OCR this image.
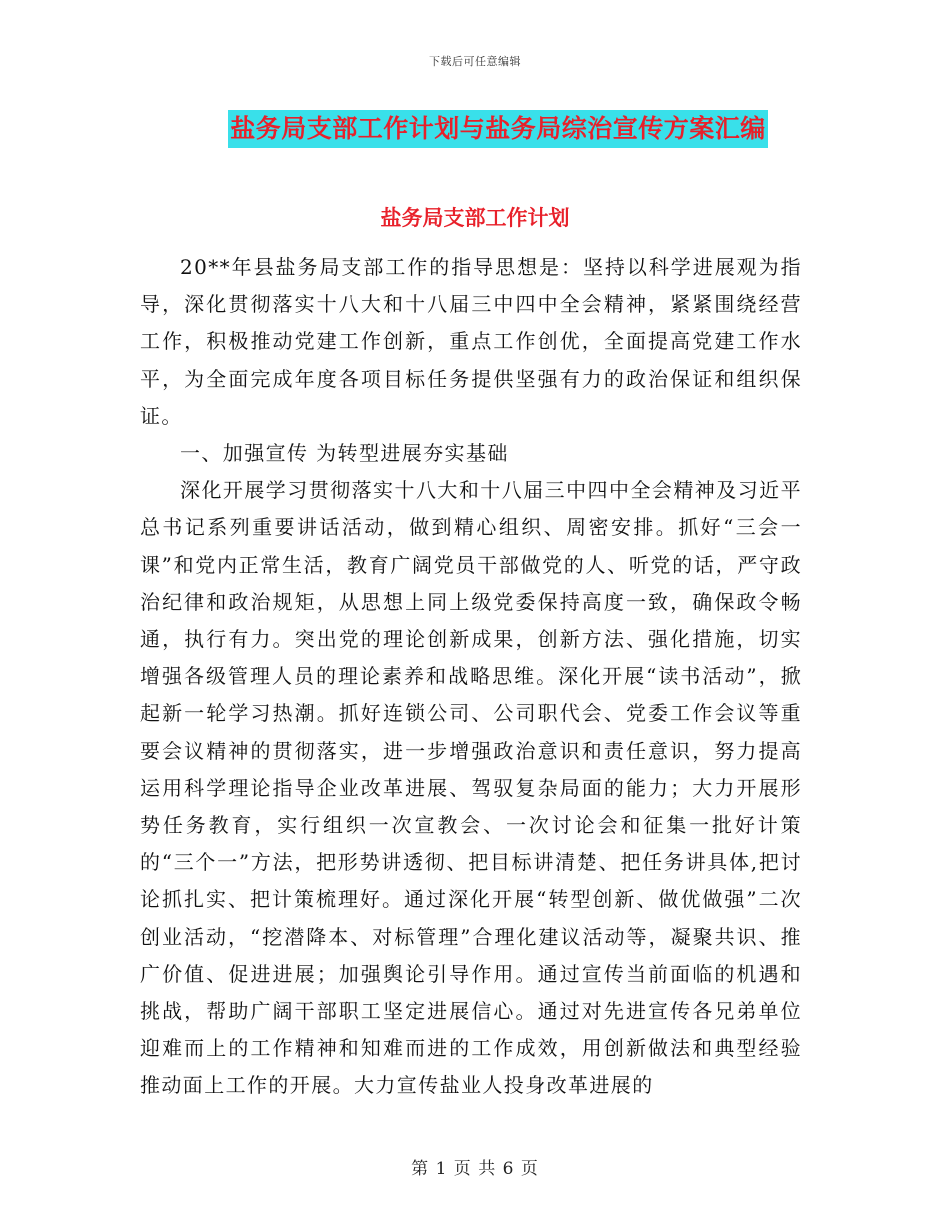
下载后可任意编辑
盐务局支部工作计划与盐务局综治宣传方案汇编
盐务局支部工作计划

20**年县盐务局支部工作的指导思想是：坚持以科学进展观为指导，深化贯彻落实十八大和十八届三中四中全会精神，紧紧围绕经营工作，积极推动党建工作创新，重点工作创优，全面提高党建工作水平，为全面完成年度各项目标任务提供坚强有力的政治保证和组织保证。

一、加强宣传 为转型进展夯实基础

深化开展学习贯彻落实十八大和十八届三中四中全会精神及习近平总书记系列重要讲话活动，做到精心组织、周密安排。抓好“三会一课”和党内正常生活，教育广阔党员干部做党的人、听党的话，严守政治纪律和政治规矩，从思想上同上级党委保持高度一致，确保政令畅通，执行有力。突出党的理论创新成果，创新方法、强化措施，切实增强各级管理人员的理论素养和战略思维。深化开展“读书活动”，掀起新一轮学习热潮。抓好连锁公司、公司职代会、党委工作会议等重要会议精神的贯彻落实，进一步增强政治意识和责任意识，努力提高运用科学理论指导企业改革进展、驾驭复杂局面的能力；大力开展形势任务教育，实行组织一次宣教会、一次讨论会和征集一批好计策的“三个一”方法，把形势讲透彻、把目标讲清楚、把任务讲具体,把讨论抓扎实、把计策梳理好。通过深化开展“转型创新、做优做强”二次创业活动，“挖潜降本、对标管理”合理化建议活动等，凝聚共识、推广价值、促进进展；加强舆论引导作用。通过宣传当前面临的机遇和挑战，帮助广阔干部职工坚定进展信心。通过对先进宣传各兄弟单位迎难而上的工作精神和知难而进的工作成效，用创新做法和典型经验推动面上工作的开展。大力宣传盐业人投身改革进展的

第 1 页 共 6 页
